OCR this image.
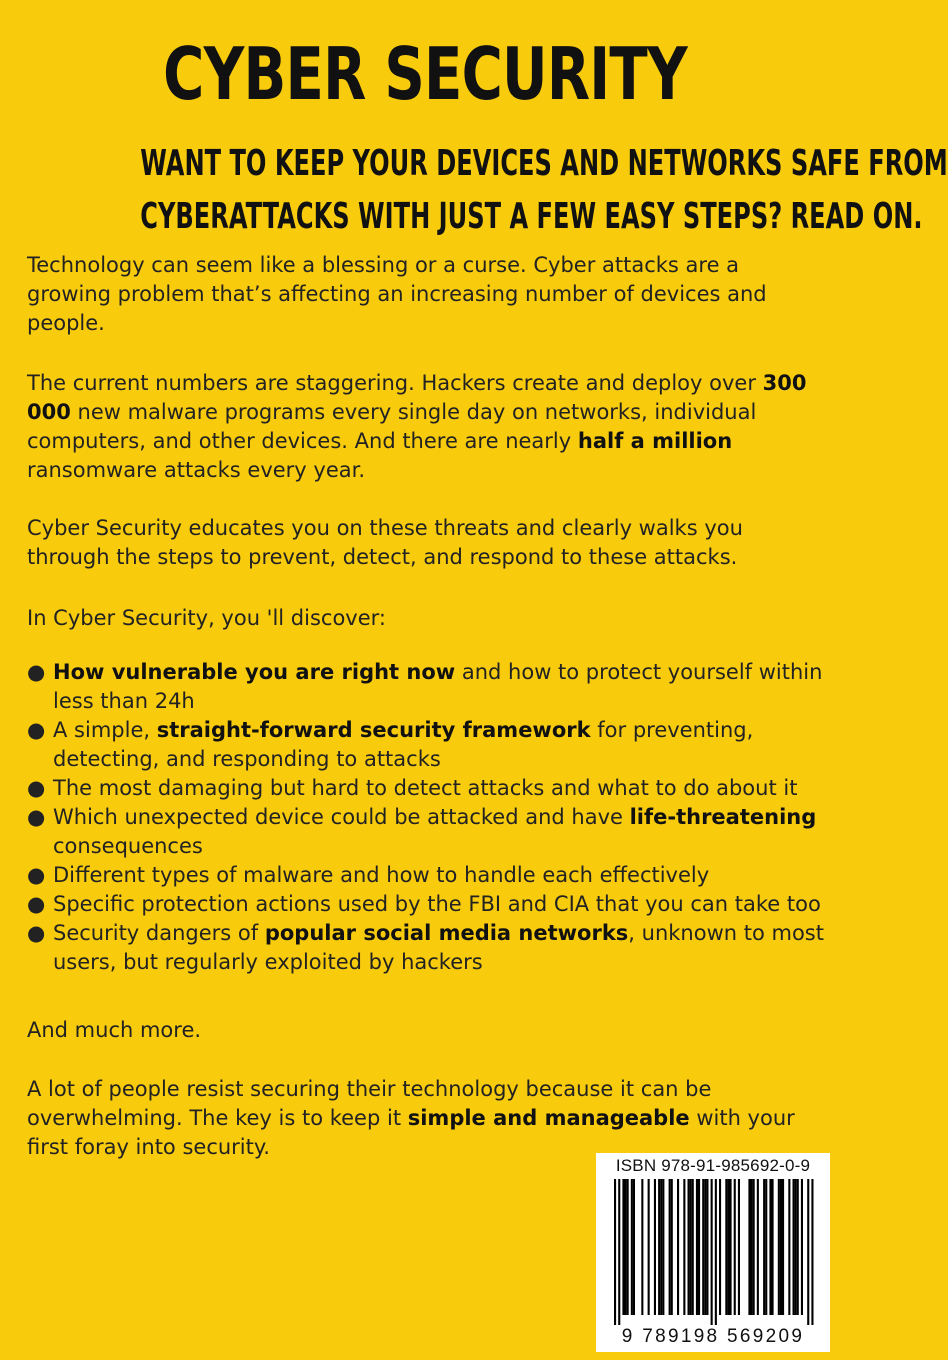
CYBER SECURITY
WANT TO KEEP YOUR DEVICES AND NETWORKS SAFE FROM
CYBERATTACKS WITH JUST A FEW EASY STEPS? READ ON.
Technology can seem like a blessing or a curse. Cyber attacks are a growing problem that’s affecting an increasing number of devices and people.
The current numbers are staggering. Hackers create and deploy over 300 000 new malware programs every single day on networks, individual computers, and other devices. And there are nearly half a million ransomware attacks every year.
Cyber Security educates you on these threats and clearly walks you through the steps to prevent, detect, and respond to these attacks.
In Cyber Security, you 'll discover:
● How vulnerable you are right now and how to protect yourself within less than 24h
● A simple, straight-forward security framework for preventing, detecting, and responding to attacks
● The most damaging but hard to detect attacks and what to do about it
● Which unexpected device could be attacked and have life-threatening consequences
● Different types of malware and how to handle each effectively
● Specific protection actions used by the FBI and CIA that you can take too
● Security dangers of popular social media networks, unknown to most users, but regularly exploited by hackers
And much more.
A lot of people resist securing their technology because it can be overwhelming. The key is to keep it simple and manageable with your first foray into security.
ISBN 978-91-985692-0-9
9 789198 569209
